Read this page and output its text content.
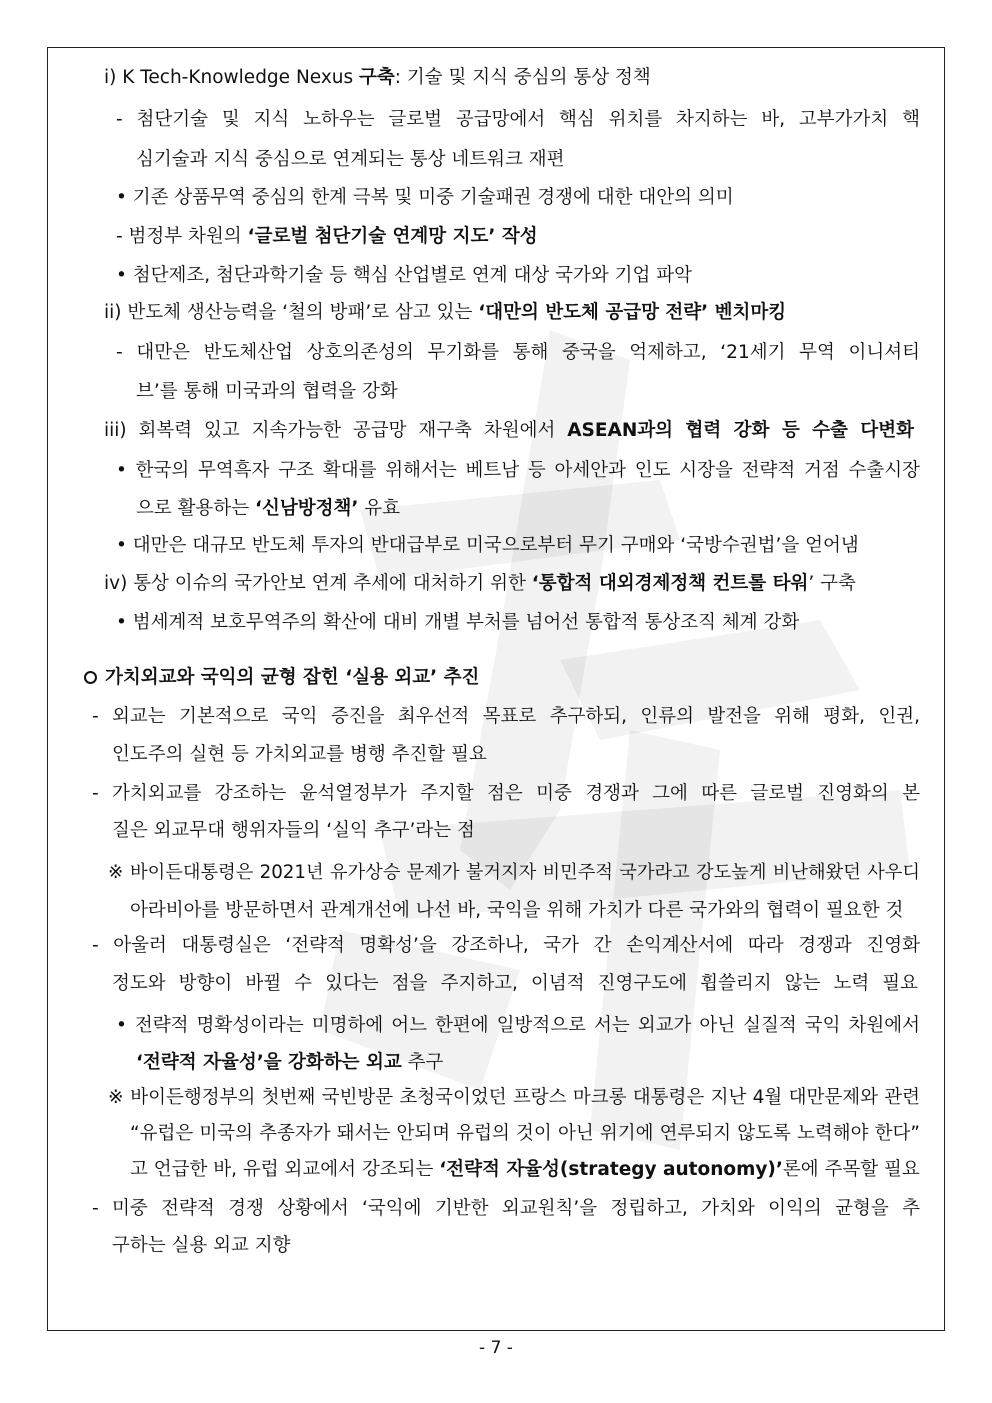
i) K Tech-Knowledge Nexus 구축: 기술 및 지식 중심의 통상 정책
- 첨단기술 및 지식 노하우는 글로벌 공급망에서 핵심 위치를 차지하는 바, 고부가가치 핵
심기술과 지식 중심으로 연계되는 통상 네트워크 재편
• 기존 상품무역 중심의 한계 극복 및 미중 기술패권 경쟁에 대한 대안의 의미
- 범정부 차원의 ‘글로벌 첨단기술 연계망 지도’ 작성
• 첨단제조, 첨단과학기술 등 핵심 산업별로 연계 대상 국가와 기업 파악
ii) 반도체 생산능력을 ‘철의 방패’로 삼고 있는 ‘대만의 반도체 공급망 전략’ 벤치마킹
- 대만은 반도체산업 상호의존성의 무기화를 통해 중국을 억제하고, ‘21세기 무역 이니셔티
브’를 통해 미국과의 협력을 강화
iii) 회복력 있고 지속가능한 공급망 재구축 차원에서 ASEAN과의 협력 강화 등 수출 다변화
• 한국의 무역흑자 구조 확대를 위해서는 베트남 등 아세안과 인도 시장을 전략적 거점 수출시장
으로 활용하는 ‘신남방정책’ 유효
• 대만은 대규모 반도체 투자의 반대급부로 미국으로부터 무기 구매와 ‘국방수권법’을 얻어냄
iv) 통상 이슈의 국가안보 연계 추세에 대처하기 위한 ‘통합적 대외경제정책 컨트롤 타워’ 구축
• 범세계적 보호무역주의 확산에 대비 개별 부처를 넘어선 통합적 통상조직 체계 강화
가치외교와 국익의 균형 잡힌 ‘실용 외교’ 추진
- 외교는 기본적으로 국익 증진을 최우선적 목표로 추구하되, 인류의 발전을 위해 평화, 인권,
인도주의 실현 등 가치외교를 병행 추진할 필요
- 가치외교를 강조하는 윤석열정부가 주지할 점은 미중 경쟁과 그에 따른 글로벌 진영화의 본
질은 외교무대 행위자들의 ‘실익 추구’라는 점
※ 바이든대통령은 2021년 유가상승 문제가 불거지자 비민주적 국가라고 강도높게 비난해왔던 사우디
아라비아를 방문하면서 관계개선에 나선 바, 국익을 위해 가치가 다른 국가와의 협력이 필요한 것
- 아울러 대통령실은 ‘전략적 명확성’을 강조하나, 국가 간 손익계산서에 따라 경쟁과 진영화
정도와 방향이 바뀔 수 있다는 점을 주지하고, 이념적 진영구도에 휩쓸리지 않는 노력 필요
• 전략적 명확성이라는 미명하에 어느 한편에 일방적으로 서는 외교가 아닌 실질적 국익 차원에서
‘전략적 자율성’을 강화하는 외교 추구
※ 바이든행정부의 첫번째 국빈방문 초청국이었던 프랑스 마크롱 대통령은 지난 4월 대만문제와 관련
“유럽은 미국의 추종자가 돼서는 안되며 유럽의 것이 아닌 위기에 연루되지 않도록 노력해야 한다”
고 언급한 바, 유럽 외교에서 강조되는 ‘전략적 자율성(strategy autonomy)’론에 주목할 필요
- 미중 전략적 경쟁 상황에서 ‘국익에 기반한 외교원칙’을 정립하고, 가치와 이익의 균형을 추
구하는 실용 외교 지향
- 7 -
